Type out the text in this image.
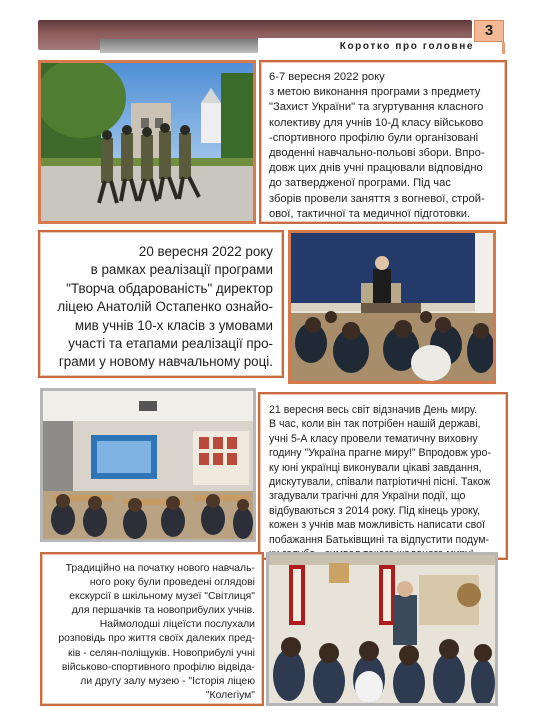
Коротко про головне
3
6-7 вересня 2022 року
з метою виконання програми з предмету
"Захист України" та згуртування класного
колективу для учнів 10-Д класу військово
-спортивного профілю були організовані
дводенні навчально-польові збори. Впро-
довж цих днів учні працювали відповідно
до затвердженої програми. Під час
зборів провели заняття з вогневої, строй-
ової, тактичної та медичної підготовки.
20 вересня 2022 року
в рамках реалізації програми
"Творча обдарованість" директор
ліцею Анатолій Остапенко ознайо-
мив учнів 10-х класів з умовами
участі та етапами реалізації про-
грами у новому навчальному році.
21 вересня весь світ відзначив День миру.
В час, коли він так потрібен нашій державі,
учні 5-А класу провели тематичну виховну
годину "Україна прагне миру!" Впродовж уро-
ку юні українці виконували цікаві завдання,
дискутували, співали патріотичні пісні. Також
згадували трагічні для України події, що
відбуваються з 2014 року. Під кінець уроку,
кожен з учнів мав можливість написати свої
побажання Батьківщині та відпустити подум-
Традиційно на початку нового навчаль-
ного року були проведені оглядові
екскурсії в шкільному музеї "Світлиця"
для першачків та новоприбулих учнів.
Наймолодші ліцеїсти послухали
розповідь про життя своїх далеких пред-
ків - селян-поліщуків. Новоприбулі учні
військово-спортивного профілю відвіда-
ли другу залу музею - "Історія ліцею
"Колегіум"
